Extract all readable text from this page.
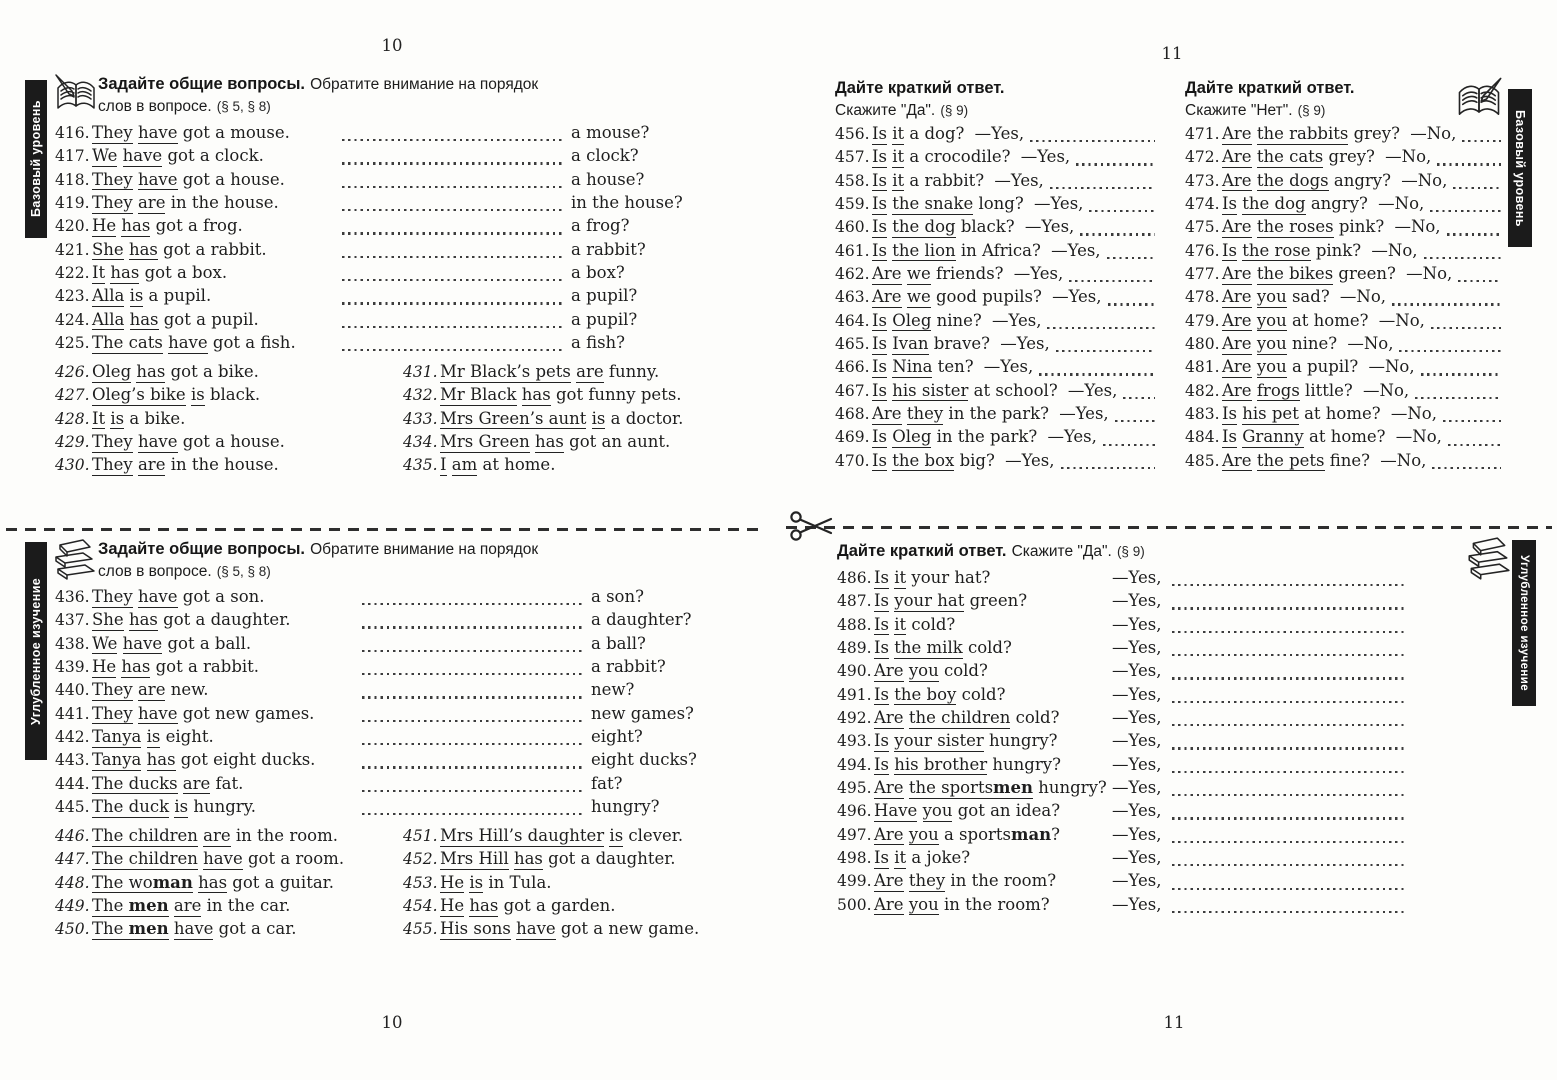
10
Базовый уровень
Задайте общие вопросы. Обратите внимание на порядок
слов в вопросе. (§ 5, § 8)
416. They have got a mouse.	a mouse?
417. We have got a clock.	a clock?
418. They have got a house.	a house?
419. They are in the house.	in the house?
420. He has got a frog.	a frog?
421. She has got a rabbit.	a rabbit?
422. It has got a box.	a box?
423. Alla is a pupil.	a pupil?
424. Alla has got a pupil.	a pupil?
425. The cats have got a fish.	a fish?
426. Oleg has got a bike.
427. Oleg’s bike is black.
428. It is a bike.
429. They have got a house.
430. They are in the house.
431. Mr Black’s pets are funny.
432. Mr Black has got funny pets.
433. Mrs Green’s aunt is a doctor.
434. Mrs Green has got an aunt.
435. I am at home.
Углубленное изучение
Задайте общие вопросы. Обратите внимание на порядок
слов в вопросе. (§ 5, § 8)
436. They have got a son.	a son?
437. She has got a daughter.	a daughter?
438. We have got a ball.	a ball?
439. He has got a rabbit.	a rabbit?
440. They are new.	new?
441. They have got new games.	new games?
442. Tanya is eight.	eight?
443. Tanya has got eight ducks.	eight ducks?
444. The ducks are fat.	fat?
445. The duck is hungry.	hungry?
446. The children are in the room.
447. The children have got a room.
448. The woman has got a guitar.
449. The men are in the car.
450. The men have got a car.
451. Mrs Hill’s daughter is clever.
452. Mrs Hill has got a daughter.
453. He is in Tula.
454. He has got a garden.
455. His sons have got a new game.
10
11
Дайте краткий ответ.
Скажите "Да". (§ 9)
Дайте краткий ответ.
Скажите "Нет". (§ 9)	Базовый уровень
456. Is it a dog? —Yes,
457. Is it a crocodile? —Yes,
458. Is it a rabbit? —Yes,
459. Is the snake long? —Yes,
460. Is the dog black? —Yes,
461. Is the lion in Africa? —Yes,
462. Are we friends? —Yes,
463. Are we good pupils? —Yes,
464. Is Oleg nine? —Yes,
465. Is Ivan brave? —Yes,
466. Is Nina ten? —Yes,
467. Is his sister at school? —Yes,
468. Are they in the park? —Yes,
469. Is Oleg in the park? —Yes,
470. Is the box big? —Yes,
471. Are the rabbits grey? —No,
472. Are the cats grey? —No,
473. Are the dogs angry? —No,
474. Is the dog angry? —No,
475. Are the roses pink? —No,
476. Is the rose pink? —No,
477. Are the bikes green? —No,
478. Are you sad? —No,
479. Are you at home? —No,
480. Are you nine? —No,
481. Are you a pupil? —No,
482. Are frogs little? —No,
483. Is his pet at home? —No,
484. Is Granny at home? —No,
485. Are the pets fine? —No,
Дайте краткий ответ. Скажите "Да". (§ 9)
Углубленное изучение
486. Is it your hat?	—Yes,
487. Is your hat green?	—Yes,
488. Is it cold?	—Yes,
489. Is the milk cold?	—Yes,
490. Are you cold?	—Yes,
491. Is the boy cold?	—Yes,
492. Are the children cold?	—Yes,
493. Is your sister hungry?	—Yes,
494. Is his brother hungry?	—Yes,
495. Are the sportsmen hungry? —Yes,
496. Have you got an idea?	—Yes,
497. Are you a sportsman?	—Yes,
498. Is it a joke?	—Yes,
499. Are they in the room?	—Yes,
500. Are you in the room?	—Yes,
11
